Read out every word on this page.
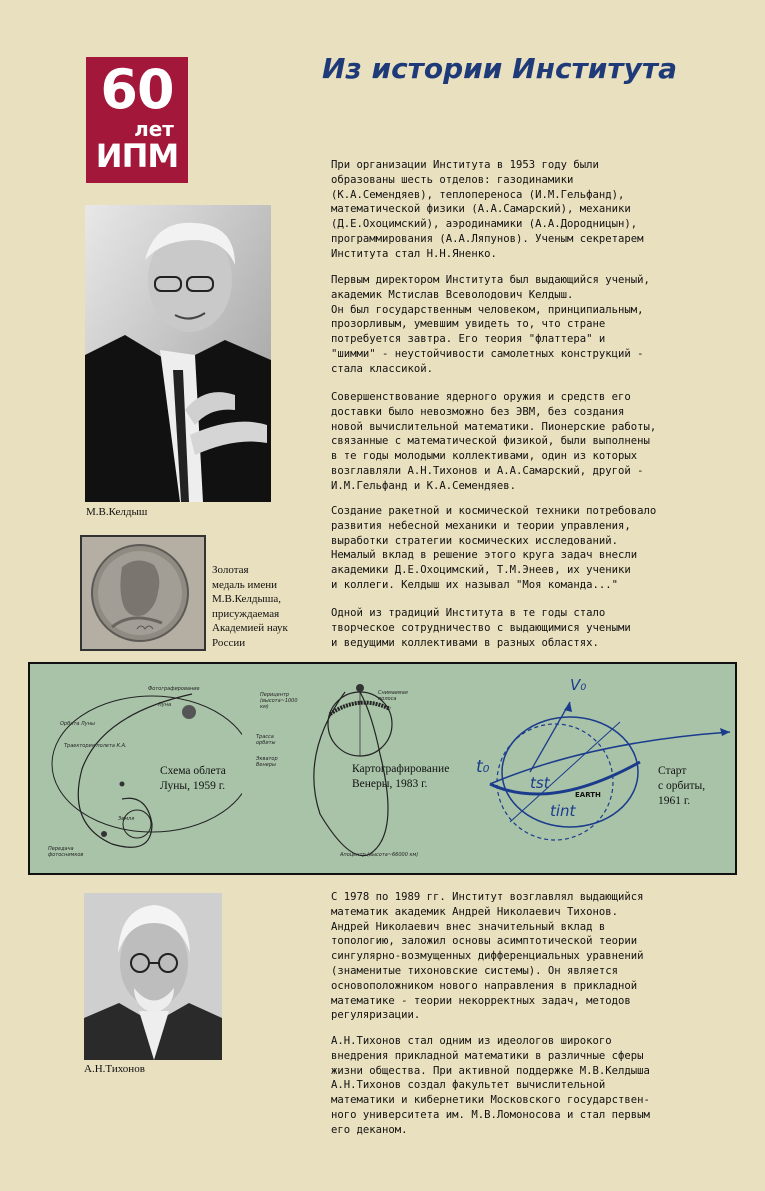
60
лет
ИПМ
Из истории Института
М.В.Келдыш
Золотая
медаль имени
М.В.Келдыша,
присуждаемая
Академией наук
России
При организации Института в 1953 году были
образованы шесть отделов: газодинамики
(К.А.Семендяев), теплопереноса (И.М.Гельфанд),
математической физики (А.А.Самарский), механики
(Д.Е.Охоцимский), аэродинамики (А.А.Дородницын),
программирования (А.А.Ляпунов). Ученым секретарем
Института стал Н.Н.Яненко.
Первым директором Института был выдающийся ученый,
академик Мстислав Всеволодович Келдыш.
Он был государственным человеком, принципиальным,
прозорливым, умевшим увидеть то, что стране
потребуется завтра. Его теория "флаттера" и
"шимми" - неустойчивости самолетных конструкций -
стала классикой.
Совершенствование ядерного оружия и средств его
доставки было невозможно без ЭВМ, без создания
новой вычислительной математики. Пионерские работы,
связанные с математической физикой, были выполнены
в те годы молодыми коллективами, один из которых
возглавляли А.Н.Тихонов и А.А.Самарский, другой -
И.М.Гельфанд и К.А.Семендяев.
Создание ракетной и космической техники потребовало
развития небесной механики и теории управления,
выработки стратегии космических исследований.
Немалый вклад в решение этого круга задач внесли
академики Д.Е.Охоцимский, Т.М.Энеев, их ученики
и коллеги. Келдыш их называл "Моя команда..."
Одной из традиций Института в те годы стало
творческое сотрудничество с выдающимися учеными
и ведущими коллективами в разных областях.
Фотографирование
Луна
Орбита Луны
Траектория полета К.А.
Земля
Передача фотоснимков
Схема облета
Луны, 1959 г.
Перицентр (высота~1000 км)
Снимаемая полоса
Трасса орбиты
Экватор Венеры
Апоцентр (высота~66000 км)
Картографирование
Венеры, 1983 г.
V₀
t₀
tst
tint
EARTH
Старт
с орбиты,
1961 г.
А.Н.Тихонов
С 1978 по 1989 гг. Институт возглавлял выдающийся
математик академик Андрей Николаевич Тихонов.
Андрей Николаевич внес значительный вклад в
топологию, заложил основы асимптотической теории
сингулярно-возмущенных дифференциальных уравнений
(знаменитые тихоновские системы). Он является
основоположником нового направления в прикладной
математике - теории некорректных задач, методов
регуляризации.
А.Н.Тихонов стал одним из идеологов широкого
внедрения прикладной математики в различные сферы
жизни общества. При активной поддержке М.В.Келдыша
А.Н.Тихонов создал факультет вычислительной
математики и кибернетики Московского государствен-
ного университета им. М.В.Ломоносова и стал первым
его деканом.
